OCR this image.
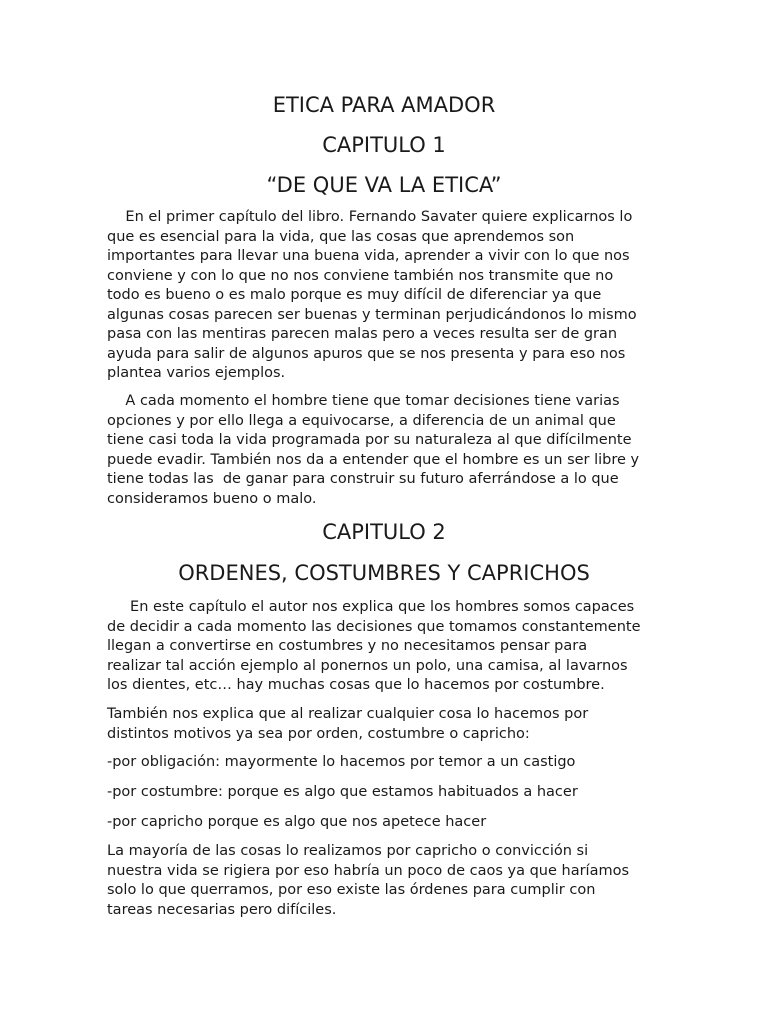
ETICA PARA AMADOR
CAPITULO 1
“DE QUE VA LA ETICA”

En el primer capítulo del libro. Fernando Savater quiere explicarnos lo
que es esencial para la vida, que las cosas que aprendemos son
importantes para llevar una buena vida, aprender a vivir con lo que nos
conviene y con lo que no nos conviene también nos transmite que no
todo es bueno o es malo porque es muy difícil de diferenciar ya que
algunas cosas parecen ser buenas y terminan perjudicándonos lo mismo
pasa con las mentiras parecen malas pero a veces resulta ser de gran
ayuda para salir de algunos apuros que se nos presenta y para eso nos
plantea varios ejemplos.

A cada momento el hombre tiene que tomar decisiones tiene varias
opciones y por ello llega a equivocarse, a diferencia de un animal que
tiene casi toda la vida programada por su naturaleza al que difícilmente
puede evadir. También nos da a entender que el hombre es un ser libre y
tiene todas las  de ganar para construir su futuro aferrándose a lo que
consideramos bueno o malo.

CAPITULO 2
ORDENES, COSTUMBRES Y CAPRICHOS

En este capítulo el autor nos explica que los hombres somos capaces
de decidir a cada momento las decisiones que tomamos constantemente
llegan a convertirse en costumbres y no necesitamos pensar para
realizar tal acción ejemplo al ponernos un polo, una camisa, al lavarnos
los dientes, etc… hay muchas cosas que lo hacemos por costumbre.

También nos explica que al realizar cualquier cosa lo hacemos por
distintos motivos ya sea por orden, costumbre o capricho:

-por obligación: mayormente lo hacemos por temor a un castigo

-por costumbre: porque es algo que estamos habituados a hacer

-por capricho porque es algo que nos apetece hacer

La mayoría de las cosas lo realizamos por capricho o convicción si
nuestra vida se rigiera por eso habría un poco de caos ya que haríamos
solo lo que querramos, por eso existe las órdenes para cumplir con
tareas necesarias pero difíciles.
